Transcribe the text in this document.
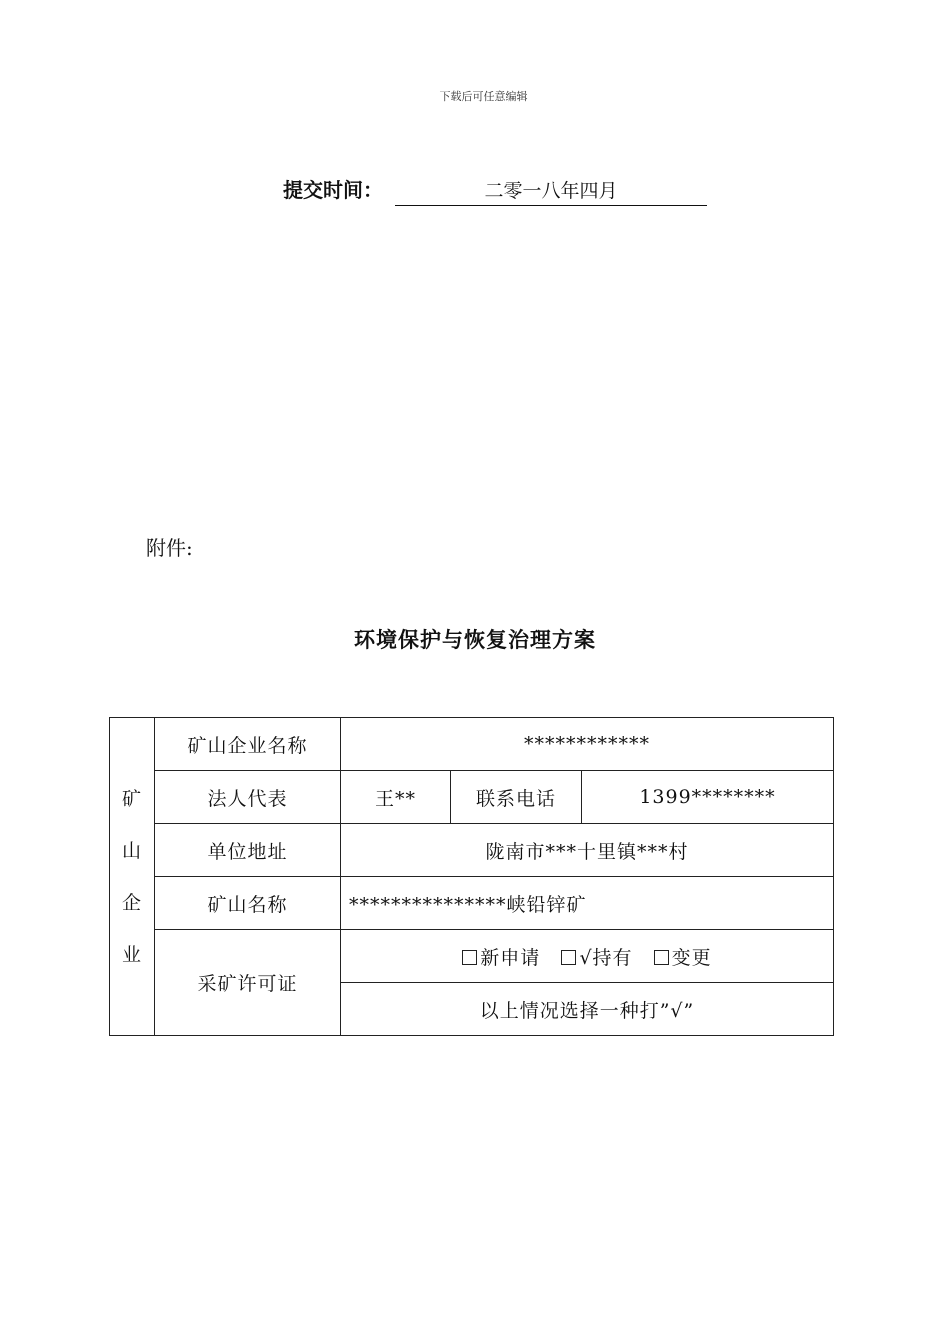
下载后可任意编辑
提交时间：	二零一八年四月
附件:
环境保护与恢复治理方案
矿
山
企
业	矿山企业名称	************		
	法人代表	王**	联系电话	1399********
	单位地址	陇南市***十里镇***村		
	矿山名称	***************峡铅锌矿		
	采矿许可证	新申请 √持有 变更		
		以上情况选择一种打”√”		
